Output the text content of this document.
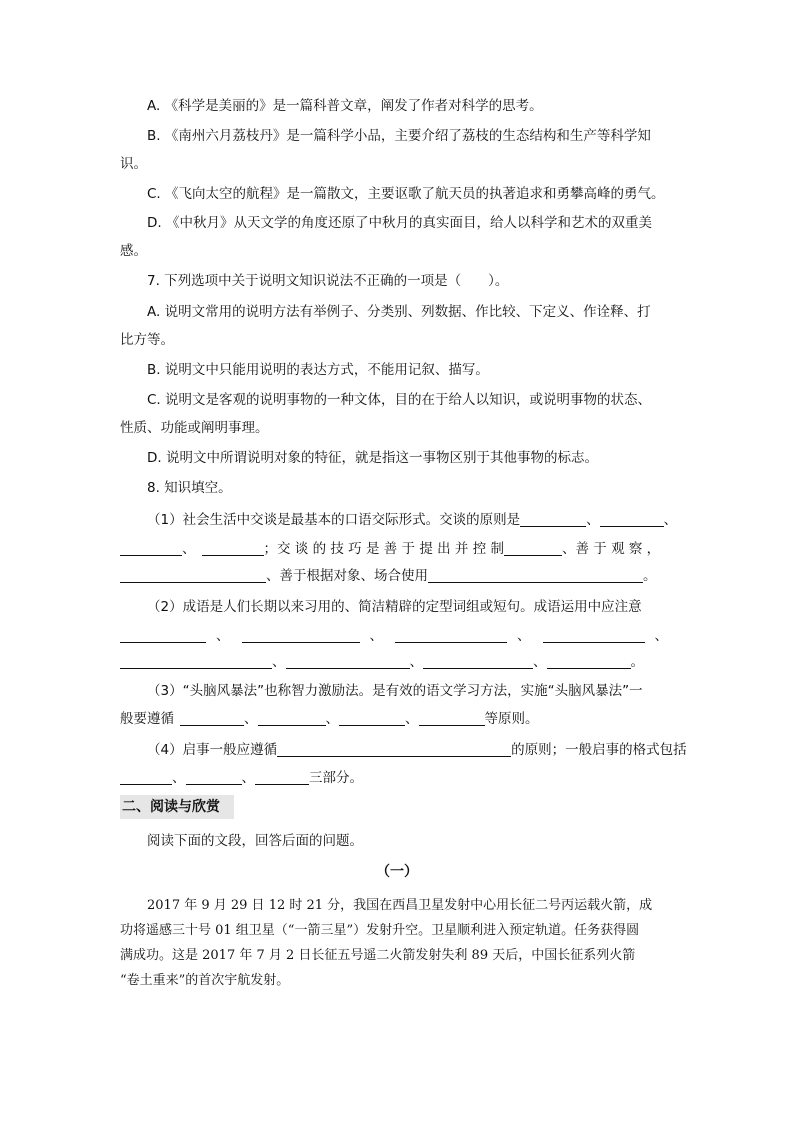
A. 《科学是美丽的》是一篇科普文章，阐发了作者对科学的思考。
B. 《南州六月荔枝丹》是一篇科学小品，主要介绍了荔枝的生态结构和生产等科学知
识。
C. 《飞向太空的航程》是一篇散文，主要讴歌了航天员的执著追求和勇攀高峰的勇气。
D. 《中秋月》从天文学的角度还原了中秋月的真实面目，给人以科学和艺术的双重美
感。
7. 下列选项中关于说明文知识说法不正确的一项是（　　）。
A. 说明文常用的说明方法有举例子、分类别、列数据、作比较、下定义、作诠释、打
比方等。
B. 说明文中只能用说明的表达方式，不能用记叙、描写。
C. 说明文是客观的说明事物的一种文体，目的在于给人以知识，或说明事物的状态、
性质、功能或阐明事理。
D. 说明文中所谓说明对象的特征，就是指这一事物区别于其他事物的标志。
8. 知识填空。
（1）社会生活中交谈是最基本的口语交际形式。交谈的原则是	、	、
、	；交 谈 的 技 巧 是 善 于 提 出 并 控 制	、善 于 观 察 ，
、善于根据对象、场合使用	。
（2）成语是人们长期以来习用的、简洁精辟的定型词组或短句。成语运用中应注意
、	、	、	、
、	、	、	。
（3）“头脑风暴法”也称智力激励法。是有效的语文学习方法，实施“头脑风暴法”一
般要遵循	、	、	、	等原则。
（4）启事一般应遵循	的原则；一般启事的格式包括
、	、	三部分。
二、阅读与欣赏
阅读下面的文段，回答后面的问题。
（一）
2017 年 9 月 29 日 12 时 21 分，我国在西昌卫星发射中心用长征二号丙运载火箭，成
功将遥感三十号 01 组卫星（“一箭三星”）发射升空。卫星顺利进入预定轨道。任务获得圆
满成功。这是 2017 年 7 月 2 日长征五号遥二火箭发射失利 89 天后，中国长征系列火箭
“卷土重来”的首次宇航发射。
